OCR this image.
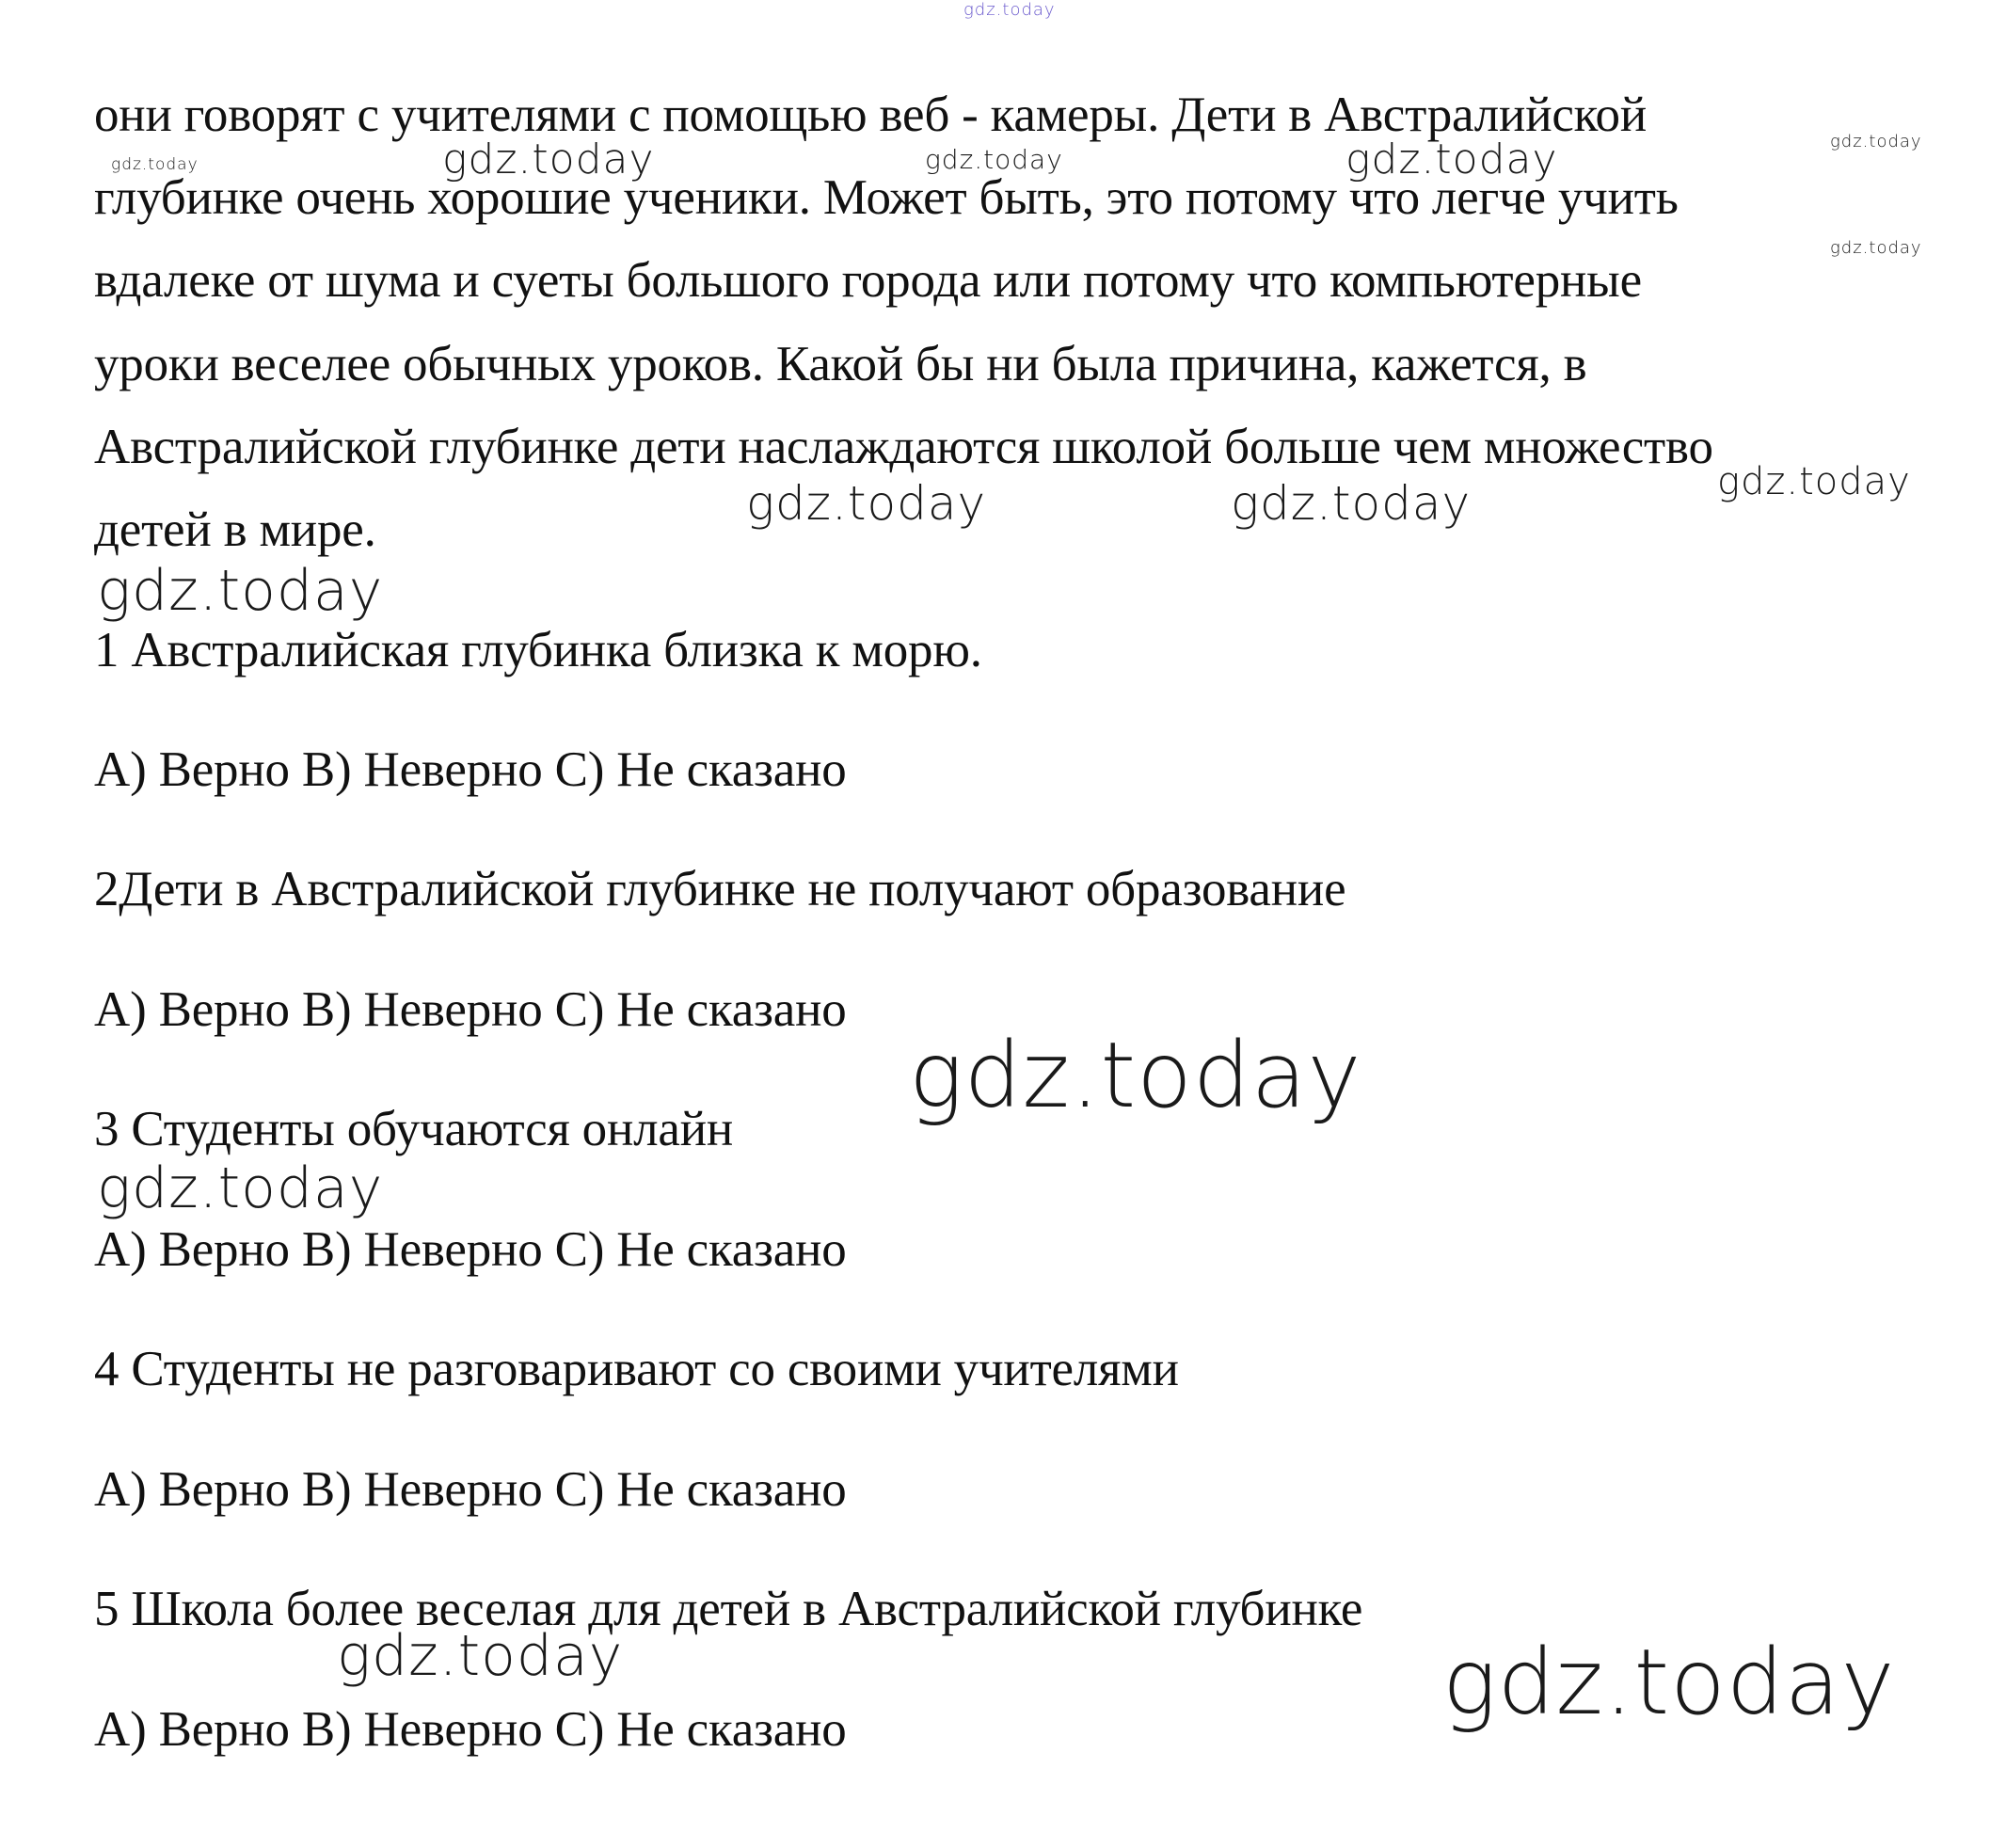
они говорят с учителями с помощью веб - камеры. Дети в Австралийской

глубинке очень хорошие ученики. Может быть, это потому что легче учить

вдалеке от шума и суеты большого города или потому что компьютерные

уроки веселее обычных уроков. Какой бы ни была причина, кажется, в

Австралийской глубинке дети наслаждаются школой больше чем множество

детей в мире.

1 Австралийская глубинка близка к морю.

A) Верно B) Неверно C) Не сказано

2Дети в Австралийской глубинке не получают образование

A) Верно B) Неверно C) Не сказано

3 Студенты обучаются онлайн

A) Верно B) Неверно C) Не сказано

4 Студенты не разговаривают со своими учителями

A) Верно B) Неверно C) Не сказано

5 Школа более веселая для детей в Австралийской глубинке

A) Верно B) Неверно C) Не сказано

gdz.today
gdz.today	gdz.today	gdz.today	gdz.today	gdz.today
gdz.today
gdz.today
gdz.today	gdz.today
gdz.today
gdz.today
gdz.today
gdz.today	gdz.today
